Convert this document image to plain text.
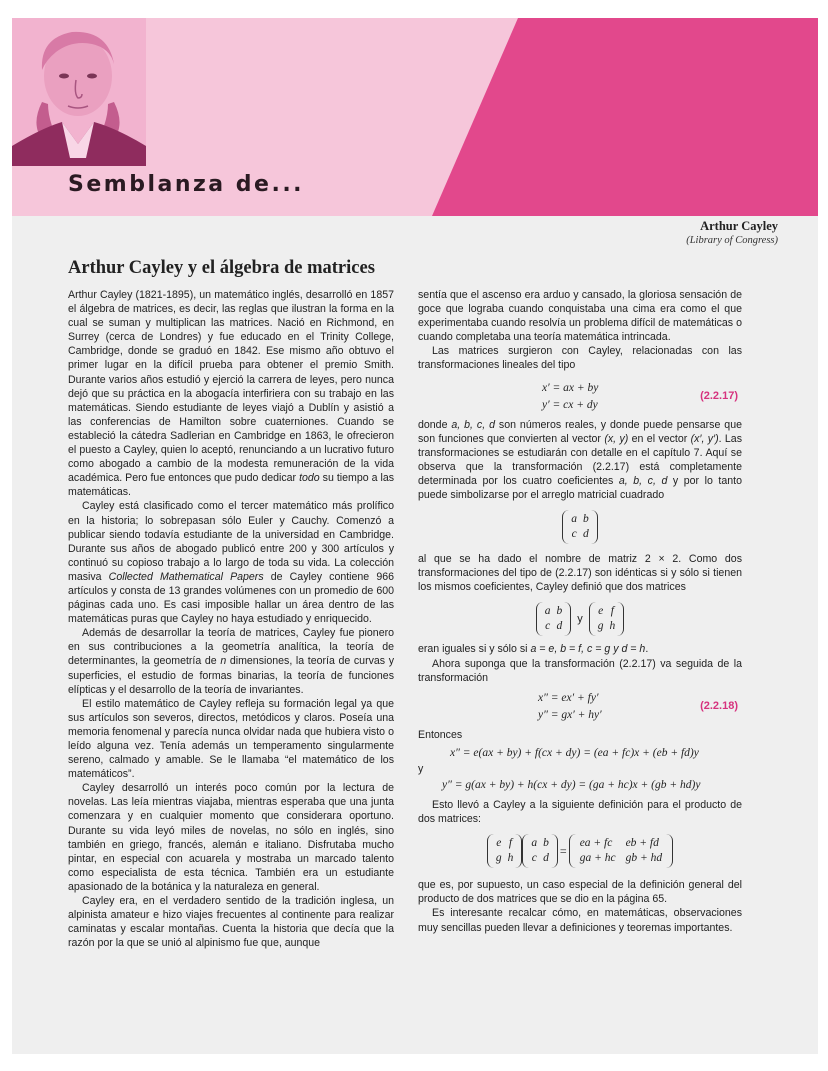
Semblanza de...
Arthur Cayley
(Library of Congress)
Arthur Cayley y el álgebra de matrices

Arthur Cayley (1821-1895), un matemático inglés, desarrolló en 1857 el álgebra de matrices, es decir, las reglas que ilustran la forma en la cual se suman y multiplican las matrices. Nació en Richmond, en Surrey (cerca de Londres) y fue educado en el Trinity College, Cambridge, donde se graduó en 1842. Ese mismo año obtuvo el primer lugar en la difícil prueba para obtener el premio Smith. Durante varios años estudió y ejerció la carrera de leyes, pero nunca dejó que su práctica en la abogacía interfiriera con su trabajo en las matemáticas. Siendo estudiante de leyes viajó a Dublín y asistió a las conferencias de Hamilton sobre cuaterniones. Cuando se estableció la cátedra Sadlerian en Cambridge en 1863, le ofrecieron el puesto a Cayley, quien lo aceptó, renunciando a un lucrativo futuro como abogado a cambio de la modesta remuneración de la vida académica. Pero fue entonces que pudo dedicar todo su tiempo a las matemáticas.

Cayley está clasificado como el tercer matemático más prolífico en la historia; lo sobrepasan sólo Euler y Cauchy. Comenzó a publicar siendo todavía estudiante de la universidad en Cambridge. Durante sus años de abogado publicó entre 200 y 300 artículos y continuó su copioso trabajo a lo largo de toda su vida. La colección masiva Collected Mathematical Papers de Cayley contiene 966 artículos y consta de 13 grandes volúmenes con un promedio de 600 páginas cada uno. Es casi imposible hallar un área dentro de las matemáticas puras que Cayley no haya estudiado y enriquecido.

Además de desarrollar la teoría de matrices, Cayley fue pionero en sus contribuciones a la geometría analítica, la teoría de determinantes, la geometría de n dimensiones, la teoría de curvas y superficies, el estudio de formas binarias, la teoría de funciones elípticas y el desarrollo de la teoría de invariantes.

El estilo matemático de Cayley refleja su formación legal ya que sus artículos son severos, directos, metódicos y claros. Poseía una memoria fenomenal y parecía nunca olvidar nada que hubiera visto o leído alguna vez. Tenía además un temperamento singularmente sereno, calmado y amable. Se le llamaba “el matemático de los matemáticos”.

Cayley desarrolló un interés poco común por la lectura de novelas. Las leía mientras viajaba, mientras esperaba que una junta comenzara y en cualquier momento que considerara oportuno. Durante su vida leyó miles de novelas, no sólo en inglés, sino también en griego, francés, alemán e italiano. Disfrutaba mucho pintar, en especial con acuarela y mostraba un marcado talento como especialista de esta técnica. También era un estudiante apasionado de la botánica y la naturaleza en general.

Cayley era, en el verdadero sentido de la tradición inglesa, un alpinista amateur e hizo viajes frecuentes al continente para realizar caminatas y escalar montañas. Cuenta la historia que decía que la razón por la que se unió al alpinismo fue que, aunque

sentía que el ascenso era arduo y cansado, la gloriosa sensación de goce que lograba cuando conquistaba una cima era como el que experimentaba cuando resolvía un problema difícil de matemáticas o cuando completaba una teoría matemática intrincada.

Las matrices surgieron con Cayley, relacionadas con las transformaciones lineales del tipo

x′ = ax + by
y′ = cx + dy
(2.2.17)

donde a, b, c, d son números reales, y donde puede pensarse que son funciones que convierten al vector (x, y) en el vector (x′, y′). Las transformaciones se estudiarán con detalle en el capítulo 7. Aquí se observa que la transformación (2.2.17) está completamente determinada por los cuatro coeficientes a, b, c, d y por lo tanto puede simbolizarse por el arreglo matricial cuadrado

a	b
c	d

al que se ha dado el nombre de matriz 2 × 2. Como dos transformaciones del tipo de (2.2.17) son idénticas si y sólo si tienen los mismos coeficientes, Cayley definió que dos matrices

a	b
c	d
y
e	f
g	h

eran iguales si y sólo si a = e, b = f, c = g y d = h.

Ahora suponga que la transformación (2.2.17) va seguida de la transformación

x″ = ex′ + fy′
y″ = gx′ + hy′
(2.2.18)

Entonces

x″ = e(ax + by) + f(cx + dy) = (ea + fc)x + (eb + fd)y

y

y″ = g(ax + by) + h(cx + dy) = (ga + hc)x + (gb + hd)y

Esto llevó a Cayley a la siguiente definición para el producto de dos matrices:

e	f
g	h
a	b
c	d
=
ea + fc	eb + fd
ga + hc	gb + hd

que es, por supuesto, un caso especial de la definición general del producto de dos matrices que se dio en la página 65.

Es interesante recalcar cómo, en matemáticas, observaciones muy sencillas pueden llevar a definiciones y teoremas importantes.
